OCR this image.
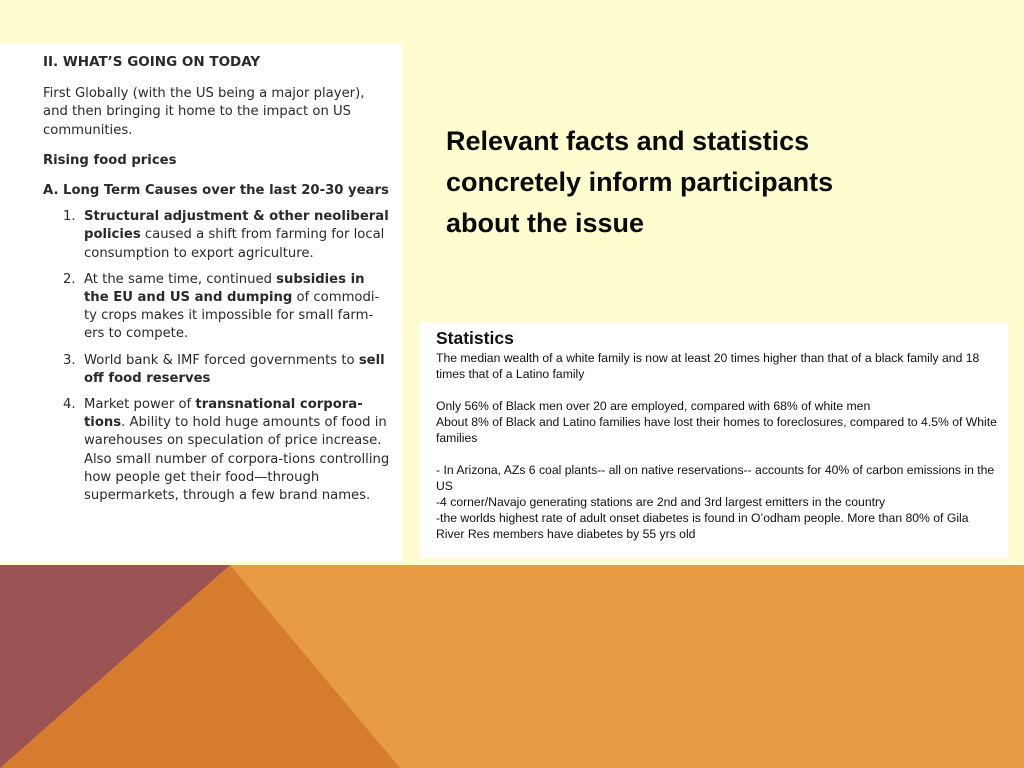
II. WHAT’S GOING ON TODAY

First Globally (with the US being a major player), and then bringing it home to the impact on US communities.

Rising food prices

A. Long Term Causes over the last 20-30 years

1. Structural adjustment & other neoliberal policies caused a shift from farming for local consumption to export agriculture.
2. At the same time, continued subsidies in the EU and US and dumping of commodi-ty crops makes it impossible for small farm-ers to compete.
3. World bank & IMF forced governments to sell off food reserves
4. Market power of transnational corpora-tions. Ability to hold huge amounts of food in warehouses on speculation of price increase. Also small number of corpora-tions controlling how people get their food—through supermarkets, through a few brand names.

Relevant facts and statistics concretely inform participants about the issue

Statistics

The median wealth of a white family is now at least 20 times higher than that of a black family and 18 times that of a Latino family

Only 56% of Black men over 20 are employed, compared with 68% of white men

About 8% of Black and Latino families have lost their homes to foreclosures, compared to 4.5% of White families

- In Arizona, AZs 6 coal plants-- all on native reservations-- accounts for 40% of carbon emissions in the US

-4 corner/Navajo generating stations are 2nd and 3rd largest emitters in the country

-the worlds highest rate of adult onset diabetes is found in O’odham people. More than 80% of Gila River Res members have diabetes by 55 yrs old
